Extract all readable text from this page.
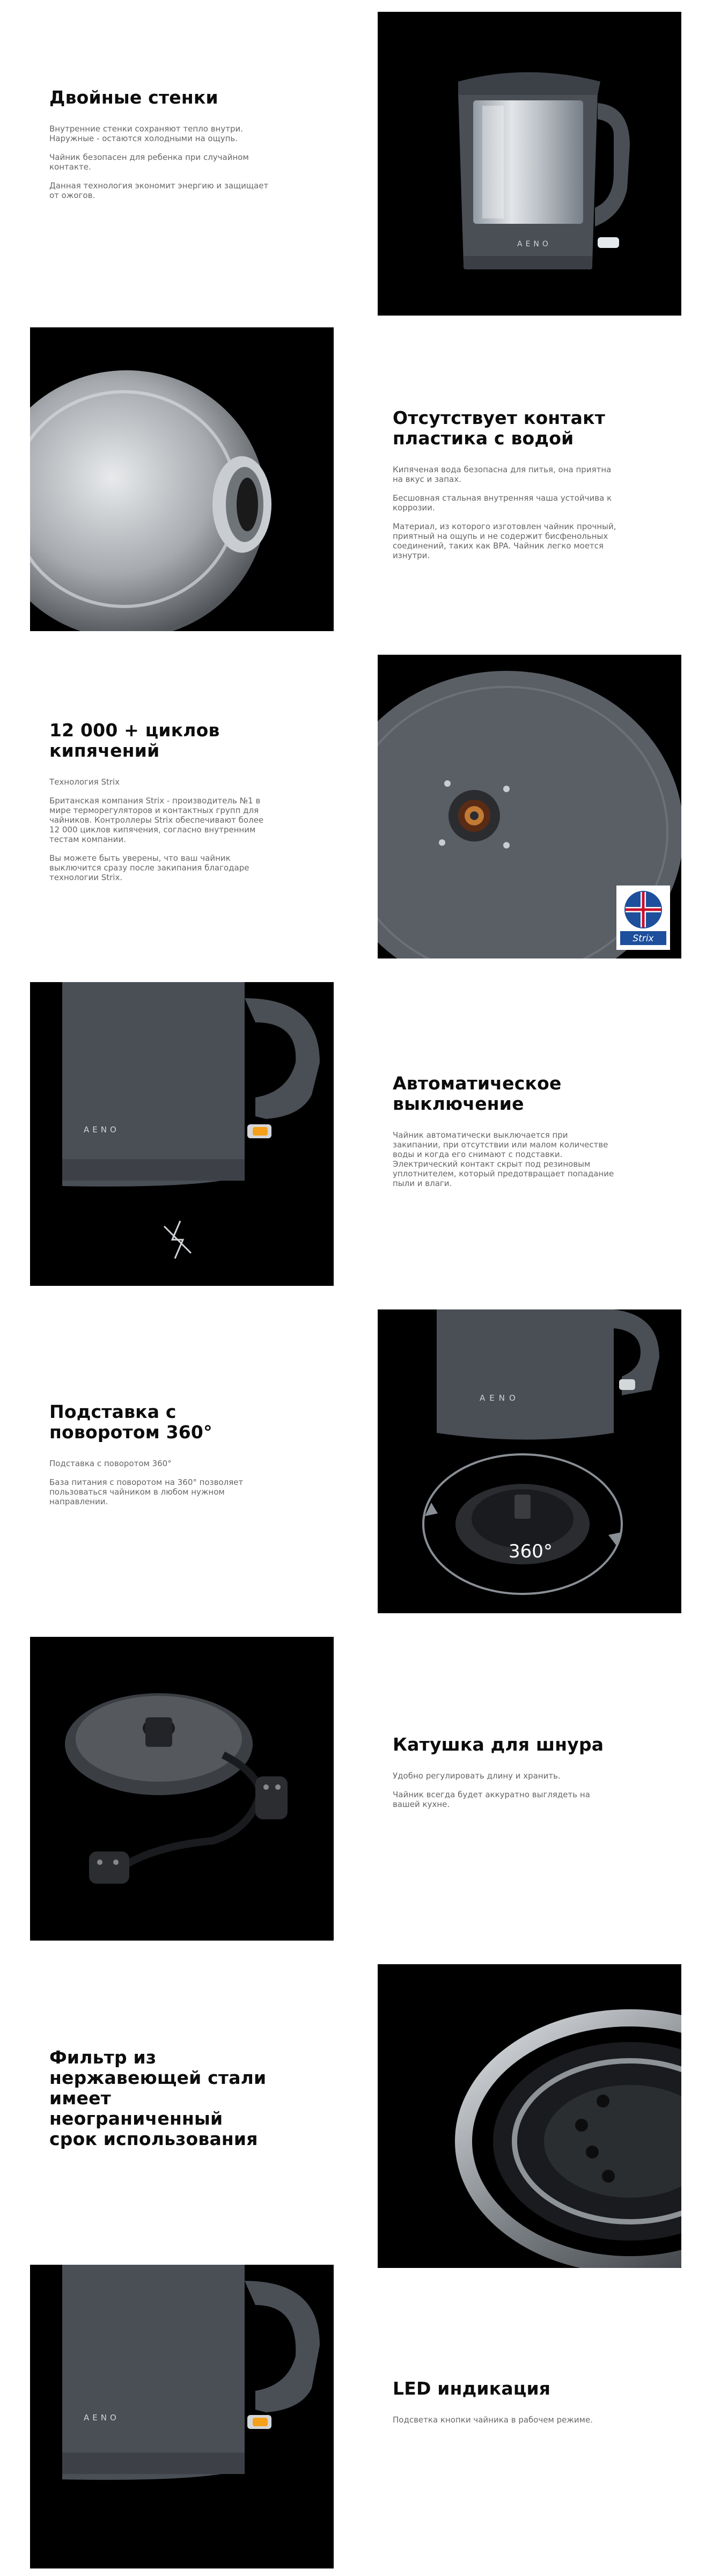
Двойные стенки

Внутренние стенки сохраняют тепло внутри. Наружные - остаются холодными на ощупь.

Чайник безопасен для ребенка при случайном контакте.

Данная технология экономит энергию и защищает от ожогов.

AENO
Отсутствует контакт пластика с водой

Кипяченая вода безопасна для питья, она приятна на вкус и запах.

Бесшовная стальная внутренняя чаша устойчива к коррозии.

Материал, из которого изготовлен чайник прочный, приятный на ощупь и не содержит бисфенольных соединений, таких как BPA. Чайник легко моется изнутри.

12 000 + циклов кипячений

Технология Strix

Британская компания Strix - производитель №1 в мире терморегуляторов и контактных групп для чайников. Контроллеры Strix обеспечивают более 12 000 циклов кипячения, согласно внутренним тестам компании.

Вы можете быть уверены, что ваш чайник выключится сразу после закипания благодаре технологии Strix.

Strix
AENO
Автоматическое выключение

Чайник автоматически выключается при закипании, при отсутствии или малом количестве воды и когда его снимают с подставки. Электрический контакт скрыт под резиновым уплотнителем, который предотвращает попадание пыли и влаги.

Подставка с поворотом 360°

Подставка с поворотом 360°

База питания с поворотом на 360° позволяет пользоваться чайником в любом нужном направлении.

AENO
360°
Катушка для шнура

Удобно регулировать длину и хранить.

Чайник всегда будет аккуратно выглядеть на вашей кухне.

Фильтр из нержавеющей стали имеет неограниченный срок использования
AENO
LED индикация

Подсветка кнопки чайника в рабочем режиме.
